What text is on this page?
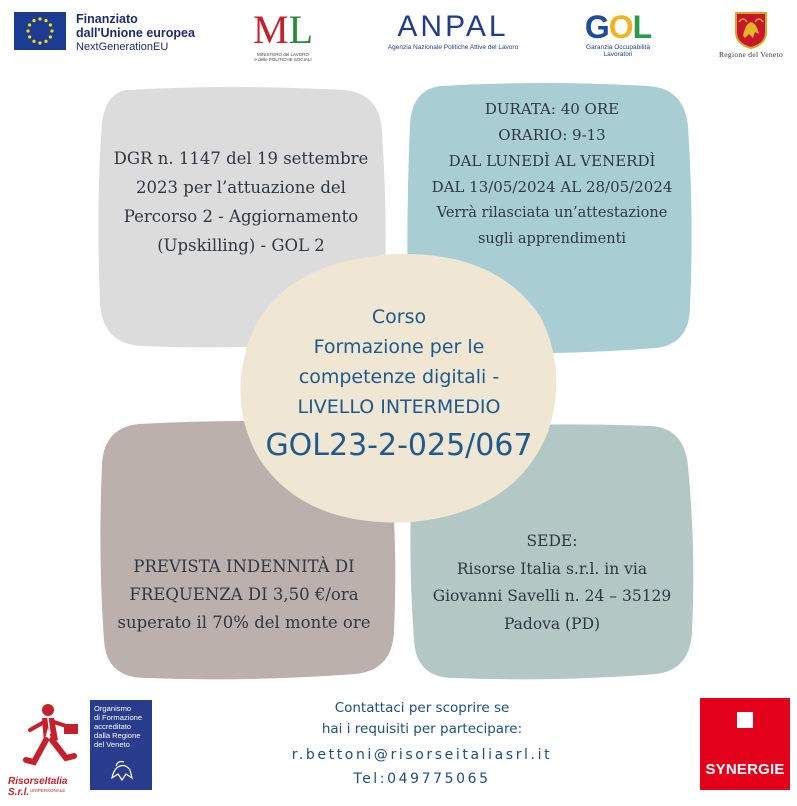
Finanziato
dall'Unione europea
NextGenerationEU	ML
MINISTERO del LAVORO
e delle POLITICHE SOCIALI
ANPAL
Agenzia Nazionale Politiche Attive del Lavoro
GOL
Garanzia Occupabilità Lavoratori	Regione del Veneto
DGR n. 1147 del 19 settembre
2023 per l’attuazione del
Percorso 2 - Aggiornamento
(Upskilling) - GOL 2
DURATA: 40 ORE
ORARIO: 9-13
DAL LUNEDÌ AL VENERDÌ
DAL 13/05/2024 AL 28/05/2024
Verrà rilasciata un’attestazione
sugli apprendimenti
PREVISTA INDENNITÀ DI
FREQUENZA DI 3,50 €/ora
superato il 70% del monte ore
SEDE:
Risorse Italia s.r.l. in via
Giovanni Savelli n. 24 – 35129
Padova (PD)
Corso
Formazione per le
competenze digitali -
LIVELLO INTERMEDIO
GOL23-2-025/067
RisorseItalia S.r.l. UNIPERSONALE
Organismo
di Formazione
accreditato
dalla Regione
del Veneto
Contattaci per scoprire se
hai i requisiti per partecipare:
r.bettoni@risorseitaliasrl.it
Tel:049775065
SYNERGIE
